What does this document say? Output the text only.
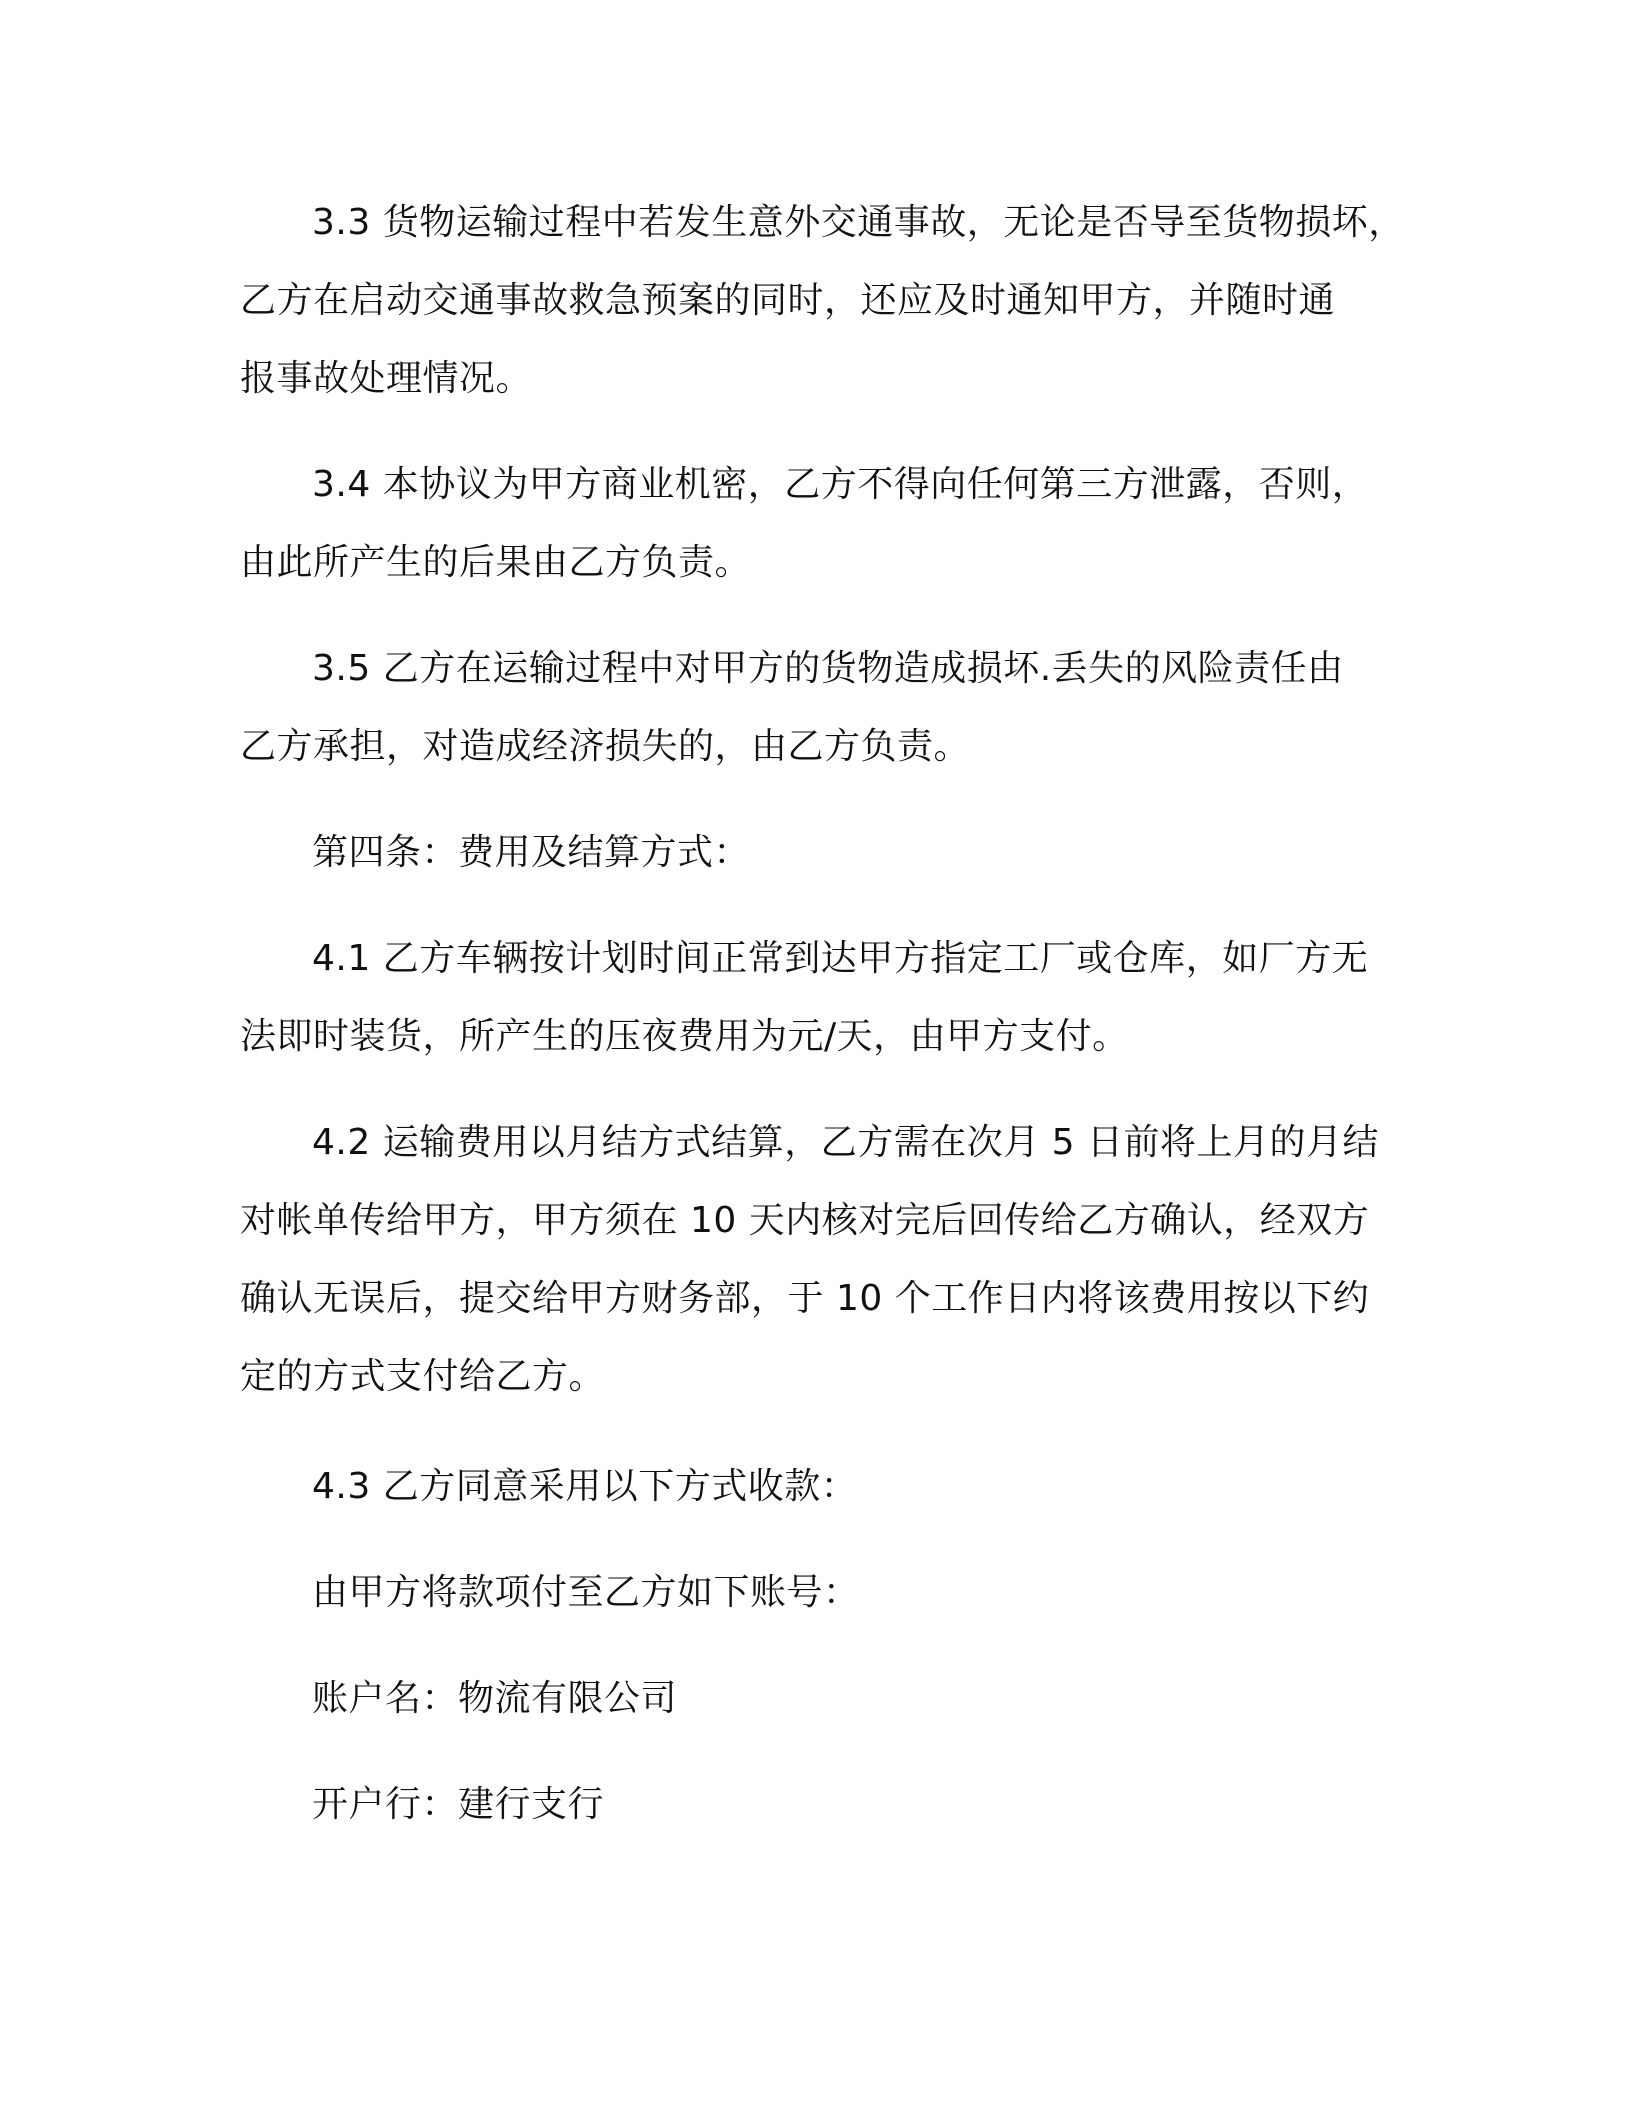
3.3 货物运输过程中若发生意外交通事故，无论是否导至货物损坏，
乙方在启动交通事故救急预案的同时，还应及时通知甲方，并随时通
报事故处理情况。

3.4 本协议为甲方商业机密，乙方不得向任何第三方泄露，否则，
由此所产生的后果由乙方负责。

3.5 乙方在运输过程中对甲方的货物造成损坏.丢失的风险责任由
乙方承担，对造成经济损失的，由乙方负责。

第四条：费用及结算方式：

4.1 乙方车辆按计划时间正常到达甲方指定工厂或仓库，如厂方无
法即时装货，所产生的压夜费用为元/天，由甲方支付。

4.2 运输费用以月结方式结算，乙方需在次月 5 日前将上月的月结
对帐单传给甲方，甲方须在 10 天内核对完后回传给乙方确认，经双方
确认无误后，提交给甲方财务部，于 10 个工作日内将该费用按以下约
定的方式支付给乙方。

4.3 乙方同意采用以下方式收款：

由甲方将款项付至乙方如下账号：

账户名：物流有限公司

开户行：建行支行
